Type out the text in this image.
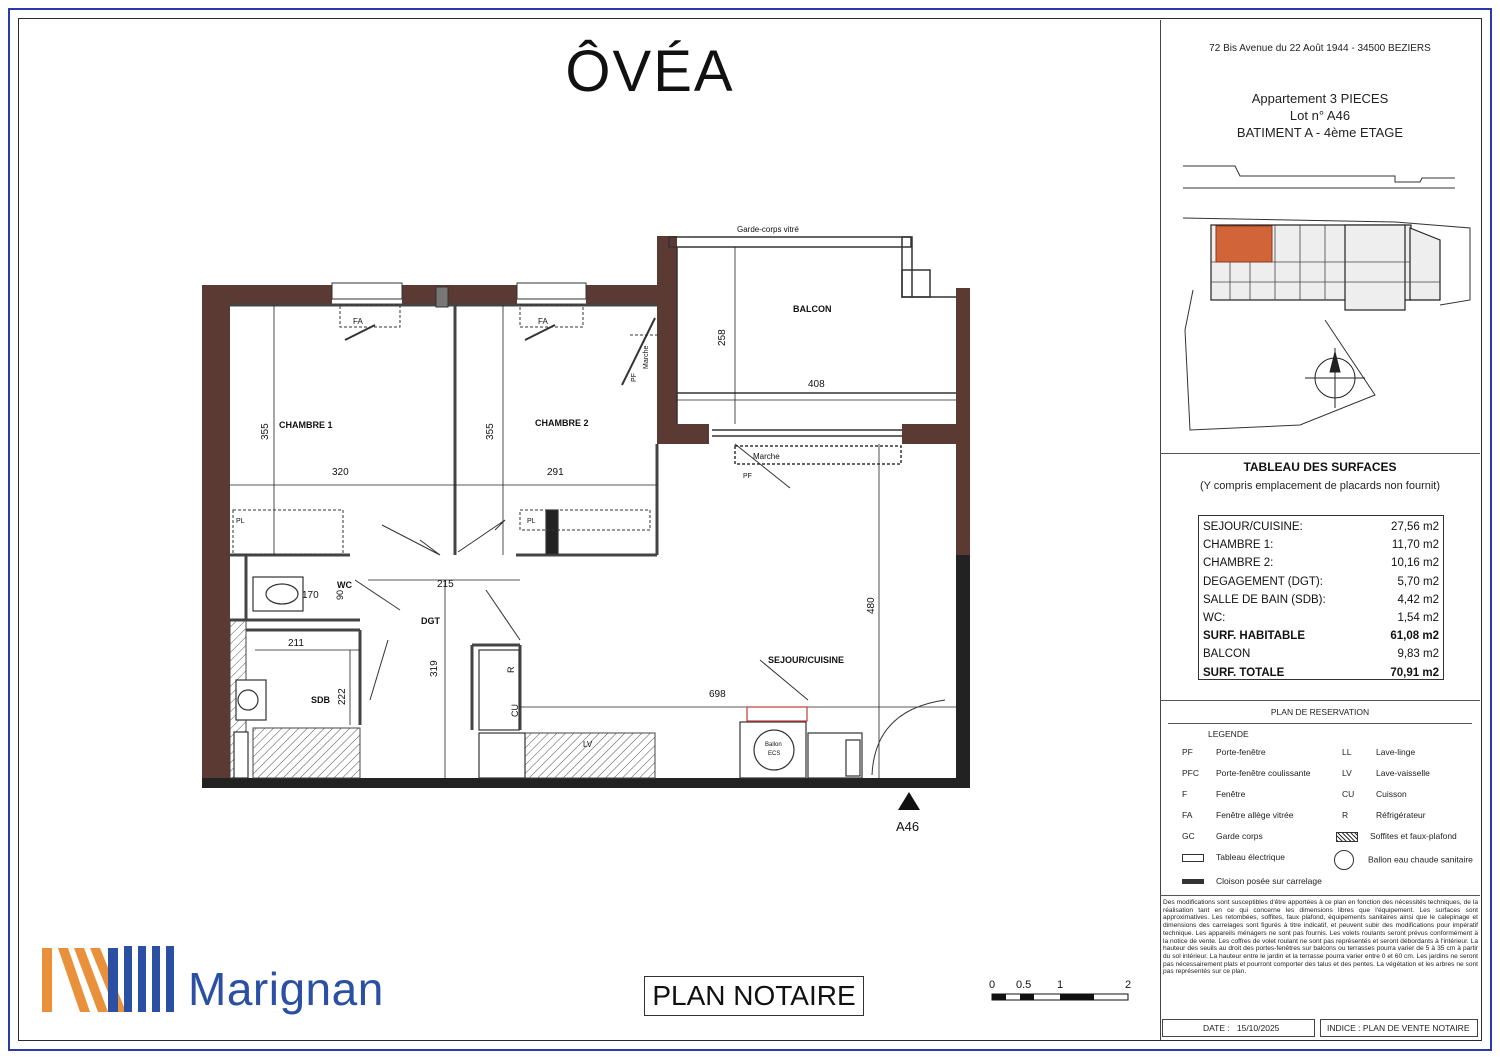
ÔVÉA
CHAMBRE 1	CHAMBRE 2
BALCON
WC
DGT
SDB
SEJOUR/CUISINE
355
320
355
291
258
408
480
698
215
319
211
222
170 90
FA	FA
PF
PF
PL	PL
Garde-corps vitré
Marche
Marche
R
CU
LV	Ballon
ECS
A46
72 Bis Avenue du 22 Août 1944 - 34500 BEZIERS
Appartement 3 PIECES
Lot n° A46
BATIMENT A - 4ème ETAGE
TABLEAU DES SURFACES
(Y compris emplacement de placards non fournit)
SEJOUR/CUISINE:	27,56 m2
CHAMBRE 1:	11,70 m2
CHAMBRE 2:	10,16 m2
DEGAGEMENT (DGT):	5,70 m2
SALLE DE BAIN (SDB):	4,42 m2
WC:	1,54 m2
SURF. HABITABLE	61,08 m2
BALCON	9,83 m2
SURF. TOTALE	70,91 m2
PLAN DE RESERVATION
LEGENDE
PF	Porte-fenêtre
PFC Porte-fenêtre coulissante
F	Fenêtre
FA	Fenêtre allège vitrée
GC	Garde corps
Tableau électrique
Cloison posée sur carrelage
LL	Lave-linge
LV	Lave-vaisselle
CU	Cuisson
R	Réfrigérateur
Soffites et faux-plafond
Ballon eau chaude sanitaire
Des modifications sont susceptibles d'être apportées à ce plan en fonction des nécessités techniques, de la réalisation tant en ce qui concerne les dimensions libres que l'équipement. Les surfaces sont approximatives. Les retombées, soffites, faux plafond, équipements sanitaires ainsi que le calepinage et dimensions des carrelages sont figurés à titre indicatif, et peuvent subir des modifications pour impératif technique. Les appareils ménagers ne sont pas fournis. Les volets roulants seront prévus conformément à la notice de vente. Les coffres de volet roulant ne sont pas représentés et seront débordants à l'intérieur. La hauteur des seuils au droit des portes-fenêtres sur balcons ou terrasses pourra varier de 5 à 35 cm à partir du sol intérieur. La hauteur entre le jardin et la terrasse pourra varier entre 0 et 60 cm. Les jardins ne seront pas nécessairement plats et pourront comporter des talus et des pentes. La végétation et les arbres ne sont pas représentés sur ce plan.
DATE : 15/10/2025	INDICE : PLAN DE VENTE NOTAIRE
Marignan	PLAN NOTAIRE	0 0.5 1	2
